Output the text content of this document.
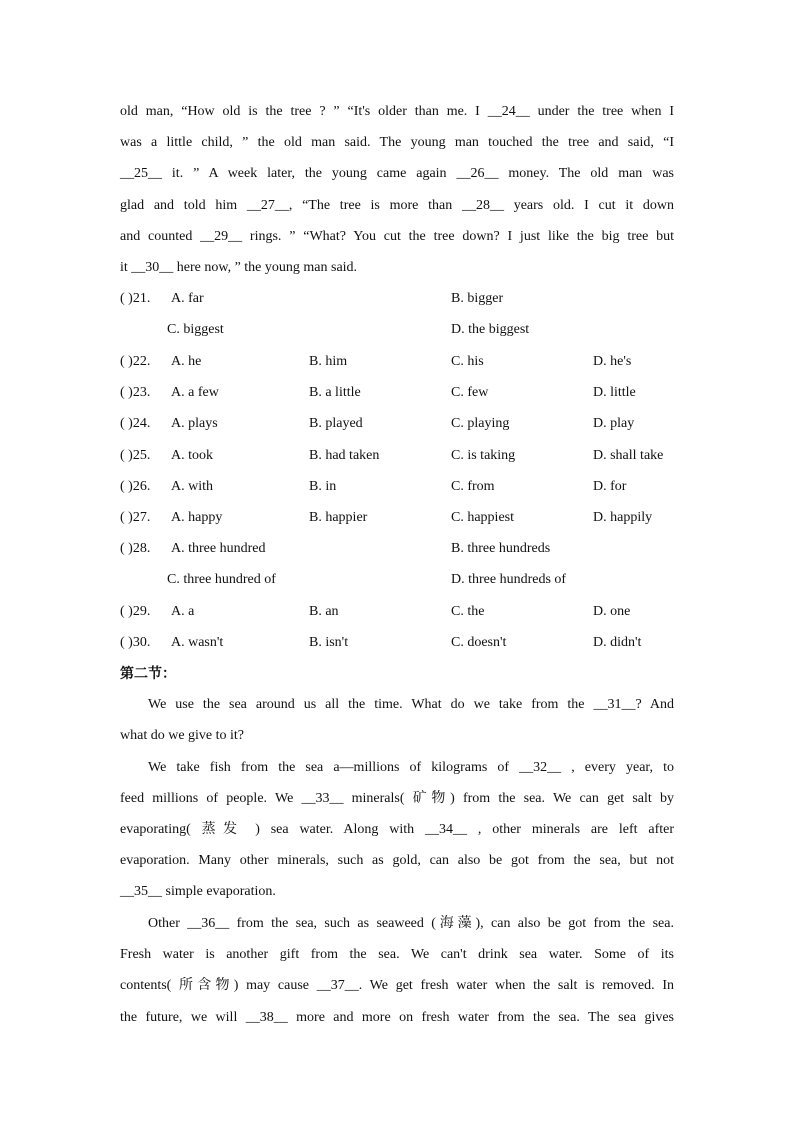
old man, “How old is the tree ? ” “It's older than me. I __24__ under the tree when I
was a little child, ” the old man said. The young man touched the tree and said, “I
__25__ it. ” A week later, the young came again __26__ money. The old man was
glad and told him __27__, “The tree is more than __28__ years old. I cut it down
and counted __29__ rings. ” “What? You cut the tree down? I just like the big tree but
it __30__ here now, ” the young man said.
( )21. A. far	B. bigger
C. biggest	D. the biggest
( )22. A. he	B. him	C. his	D. he's
( )23. A. a few	B. a little	C. few	D. little
( )24. A. plays	B. played	C. playing	D. play
( )25. A. took	B. had taken	C. is taking	D. shall take
( )26. A. with	B. in	C. from	D. for
( )27. A. happy	B. happier	C. happiest	D. happily
( )28. A. three hundred	B. three hundreds
C. three hundred of	D. three hundreds of
( )29. A. a	B. an	C. the	D. one
( )30. A. wasn't	B. isn't	C. doesn't	D. didn't
第二节：
We use the sea around us all the time. What do we take from the __31__? And
what do we give to it?
We take fish from the sea a—millions of kilograms of __32__ , every year, to
feed millions of people. We __33__ minerals( 矿物) from the sea. We can get salt by
evaporating( 蒸发 ) sea water. Along with __34__ , other minerals are left after
evaporation. Many other minerals, such as gold, can also be got from the sea, but not
__35__ simple evaporation.
Other __36__ from the sea, such as seaweed (海藻), can also be got from the sea.
Fresh water is another gift from the sea. We can't drink sea water. Some of its
contents( 所含物) may cause __37__. We get fresh water when the salt is removed. In
the future, we will __38__ more and more on fresh water from the sea. The sea gives
